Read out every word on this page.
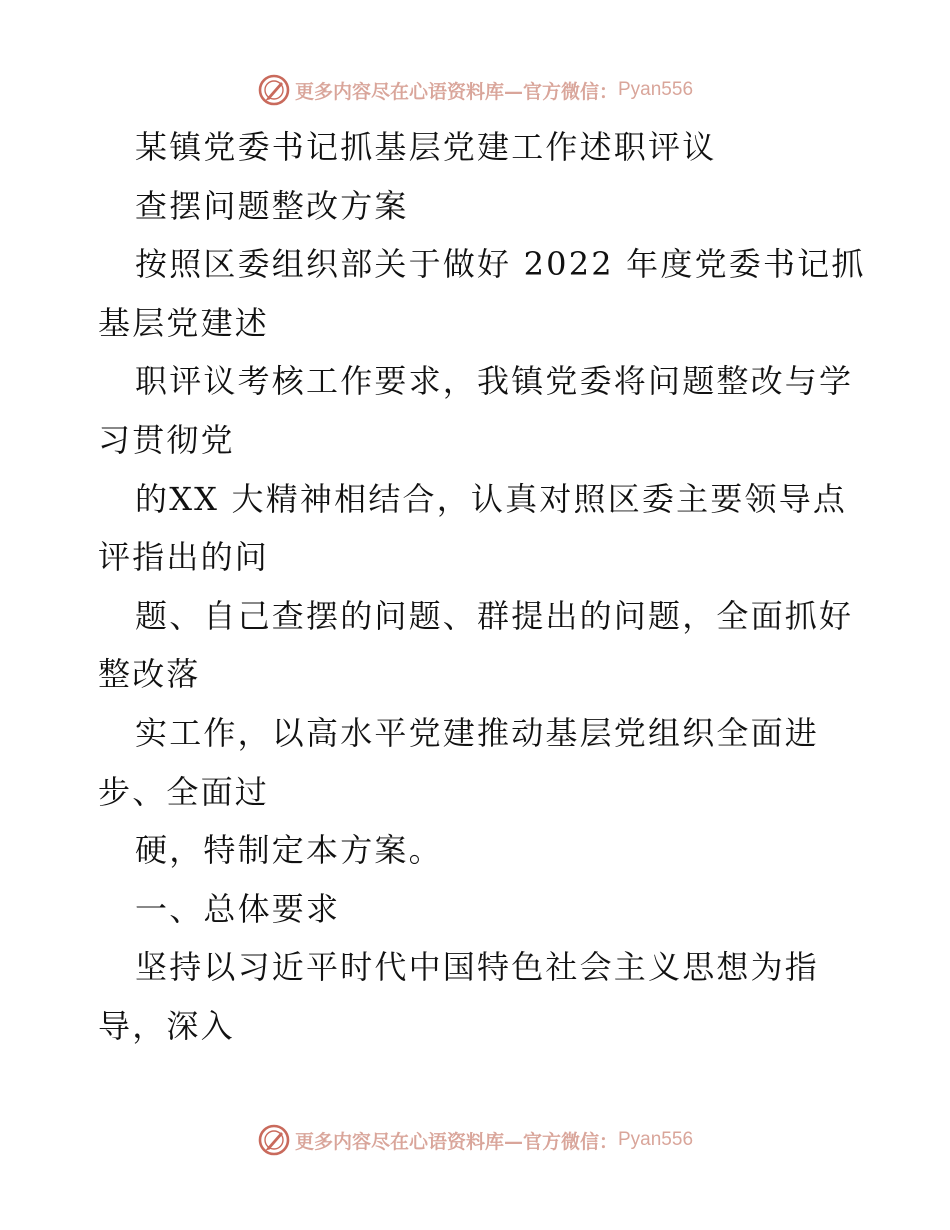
更多内容尽在心语资料库—官方微信： Pyan556
某镇党委书记抓基层党建工作述职评议
查摆问题整改方案
按照区委组织部关于做好 2022 年度党委书记抓
基层党建述
职评议考核工作要求，我镇党委将问题整改与学
习贯彻党
的XX 大精神相结合，认真对照区委主要领导点
评指出的问
题、自己查摆的问题、群提出的问题，全面抓好
整改落
实工作，以高水平党建推动基层党组织全面进
步、全面过
硬，特制定本方案。
一、总体要求
坚持以习近平时代中国特色社会主义思想为指
导，深入
更多内容尽在心语资料库—官方微信： Pyan556
